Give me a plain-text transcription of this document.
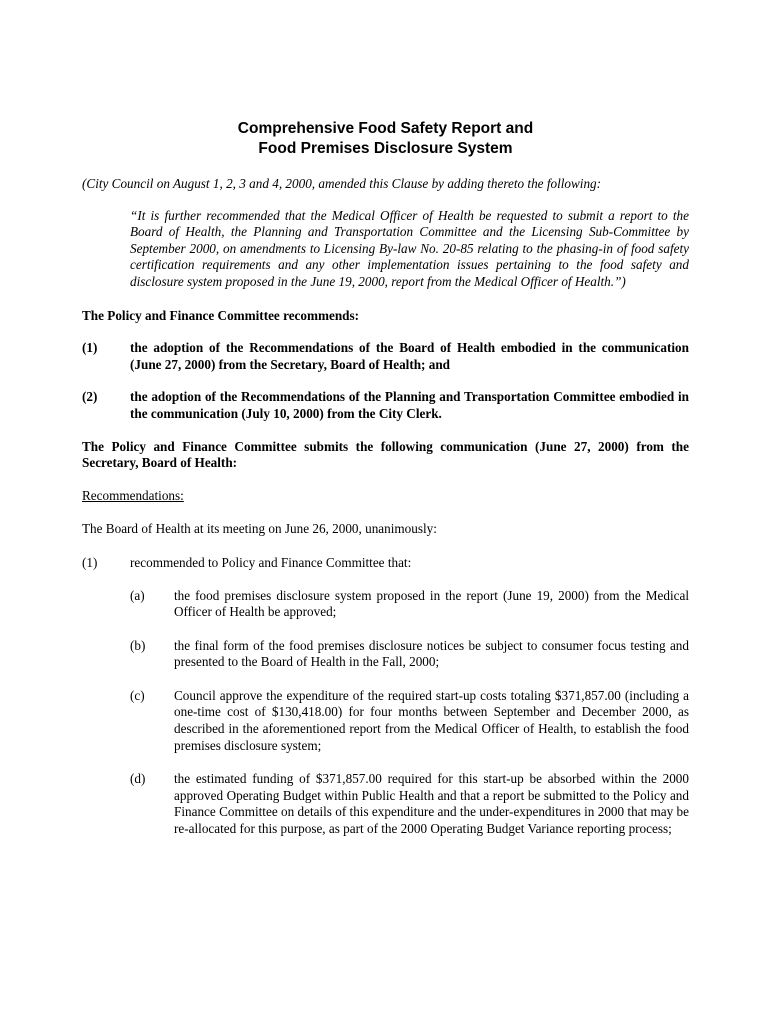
Comprehensive Food Safety Report and
Food Premises Disclosure System

(City Council on August 1, 2, 3 and 4, 2000, amended this Clause by adding thereto the following:

“It is further recommended that the Medical Officer of Health be requested to submit a report to the Board of Health, the Planning and Transportation Committee and the Licensing Sub-Committee by September 2000, on amendments to Licensing By-law No. 20-85 relating to the phasing-in of food safety certification requirements and any other implementation issues pertaining to the food safety and disclosure system proposed in the June 19, 2000, report from the Medical Officer of Health.”)

The Policy and Finance Committee recommends:

(1)	the adoption of the Recommendations of the Board of Health embodied in the communication (June 27, 2000) from the Secretary, Board of Health; and
(2)	the adoption of the Recommendations of the Planning and Transportation Committee embodied in the communication (July 10, 2000) from the City Clerk.

The Policy and Finance Committee submits the following communication (June 27, 2000) from the Secretary, Board of Health:

Recommendations:

The Board of Health at its meeting on June 26, 2000, unanimously:

(1)	recommended to Policy and Finance Committee that:
(a)	the food premises disclosure system proposed in the report (June 19, 2000) from the Medical Officer of Health be approved;
(b)	the final form of the food premises disclosure notices be subject to consumer focus testing and presented to the Board of Health in the Fall, 2000;
(c)	Council approve the expenditure of the required start-up costs totaling $371,857.00 (including a one-time cost of $130,418.00) for four months between September and December 2000, as described in the aforementioned report from the Medical Officer of Health, to establish the food premises disclosure system;
(d)	the estimated funding of $371,857.00 required for this start-up be absorbed within the 2000 approved Operating Budget within Public Health and that a report be submitted to the Policy and Finance Committee on details of this expenditure and the under-expenditures in 2000 that may be re-allocated for this purpose, as part of the 2000 Operating Budget Variance reporting process;
